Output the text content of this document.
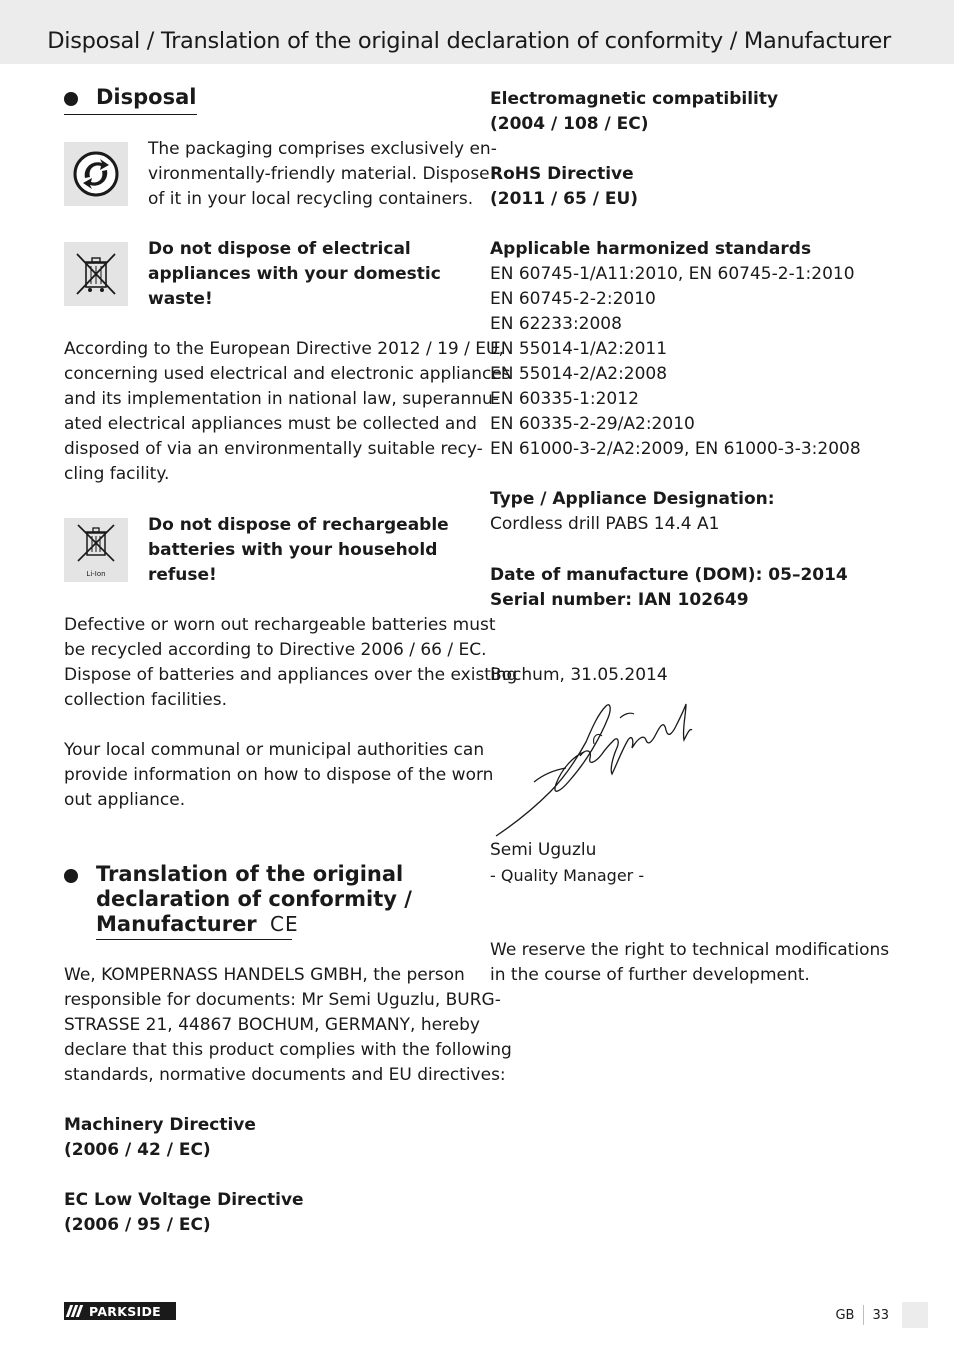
Disposal / Translation of the original declaration of conformity / Manufacturer
Disposal
The packaging comprises exclusively en-
vironmentally-friendly material. Dispose
of it in your local recycling containers.
Do not dispose of electrical
appliances with your domestic
waste!
According to the European Directive 2012 / 19 / EU,
concerning used electrical and electronic appliances
and its implementation in national law, superannu-
ated electrical appliances must be collected and
disposed of via an environmentally suitable recy-
cling facility.
Li-Ion
Do not dispose of rechargeable
batteries with your household
refuse!
Defective or worn out rechargeable batteries must
be recycled according to Directive 2006 / 66 / EC.
Dispose of batteries and appliances over the existing
collection facilities.
Your local communal or municipal authorities can
provide information on how to dispose of the worn
out appliance.
Translation of the original
declaration of conformity /
Manufacturer CE
We, KOMPERNASS HANDELS GMBH, the person
responsible for documents: Mr Semi Uguzlu, BURG-
STRASSE 21, 44867 BOCHUM, GERMANY, hereby
declare that this product complies with the following
standards, normative documents and EU directives:
Machinery Directive
(2006 / 42 / EC)
EC Low Voltage Directive
(2006 / 95 / EC)
Electromagnetic compatibility
(2004 / 108 / EC)
RoHS Directive
(2011 / 65 / EU)
Applicable harmonized standards
EN 60745-1/A11:2010, EN 60745-2-1:2010
EN 60745-2-2:2010
EN 62233:2008
EN 55014-1/A2:2011
EN 55014-2/A2:2008
EN 60335-1:2012
EN 60335-2-29/A2:2010
EN 61000-3-2/A2:2009, EN 61000-3-3:2008
Type / Appliance Designation:
Cordless drill PABS 14.4 A1
Date of manufacture (DOM): 05–2014
Serial number: IAN 102649
Bochum, 31.05.2014
Semi Uguzlu
- Quality Manager -
We reserve the right to technical modifications
in the course of further development.
PARKSIDE	GB 33
